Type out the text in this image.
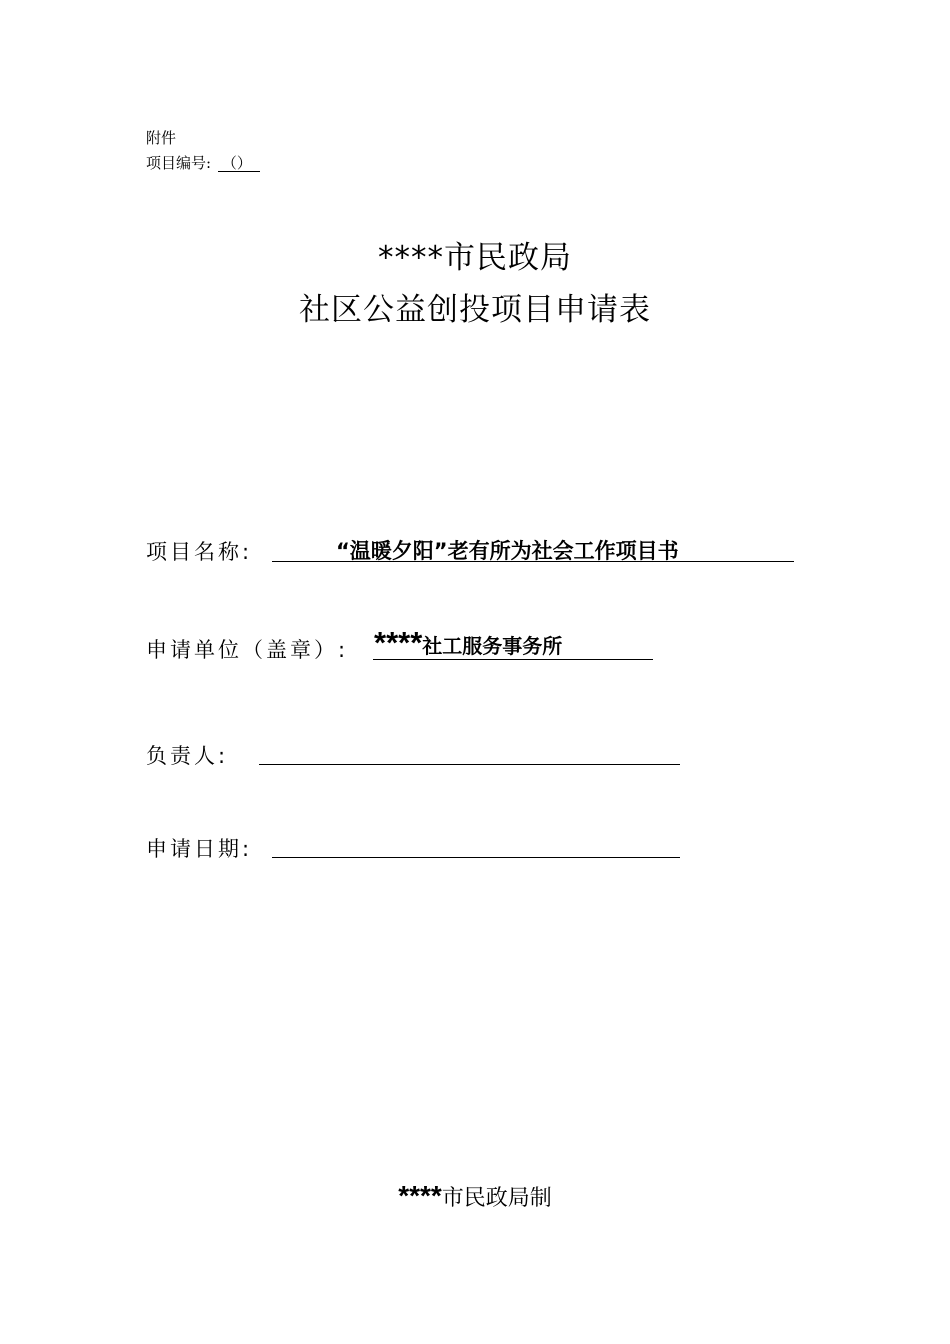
附件
项目编号: （）
****市民政局
社区公益创投项目申请表
项目名称:	“温暖夕阳”老有所为社会工作项目书
申请单位（盖章）: ****社工服务事务所
负责人:
申请日期:
****市民政局制
